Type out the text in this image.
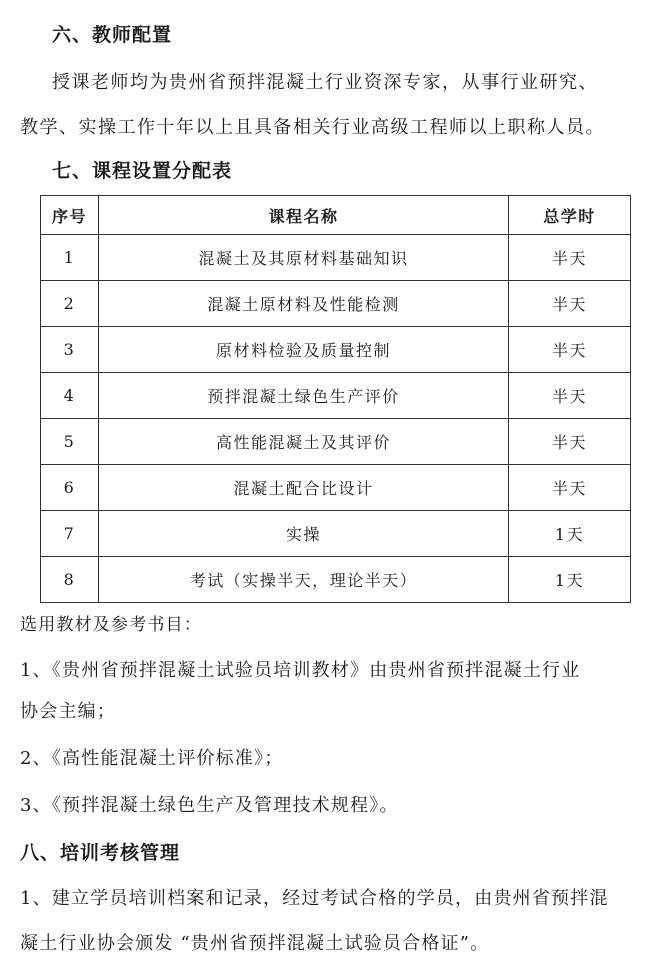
六、教师配置
授课老师均为贵州省预拌混凝土行业资深专家，从事行业研究、
教学、实操工作十年以上且具备相关行业高级工程师以上职称人员。
七、课程设置分配表
序号	课程名称	总学时
1	混凝土及其原材料基础知识	半天
2	混凝土原材料及性能检测	半天
3	原材料检验及质量控制	半天
4	预拌混凝土绿色生产评价	半天
5	高性能混凝土及其评价	半天
6	混凝土配合比设计	半天
7	实操	1天
8	考试（实操半天，理论半天）	1天
选用教材及参考书目：
1、《贵州省预拌混凝土试验员培训教材》由贵州省预拌混凝土行业
协会主编；
2、《高性能混凝土评价标准》；
3、《预拌混凝土绿色生产及管理技术规程》。
八、培训考核管理
1、建立学员培训档案和记录，经过考试合格的学员，由贵州省预拌混
凝土行业协会颁发 “贵州省预拌混凝土试验员合格证”。
